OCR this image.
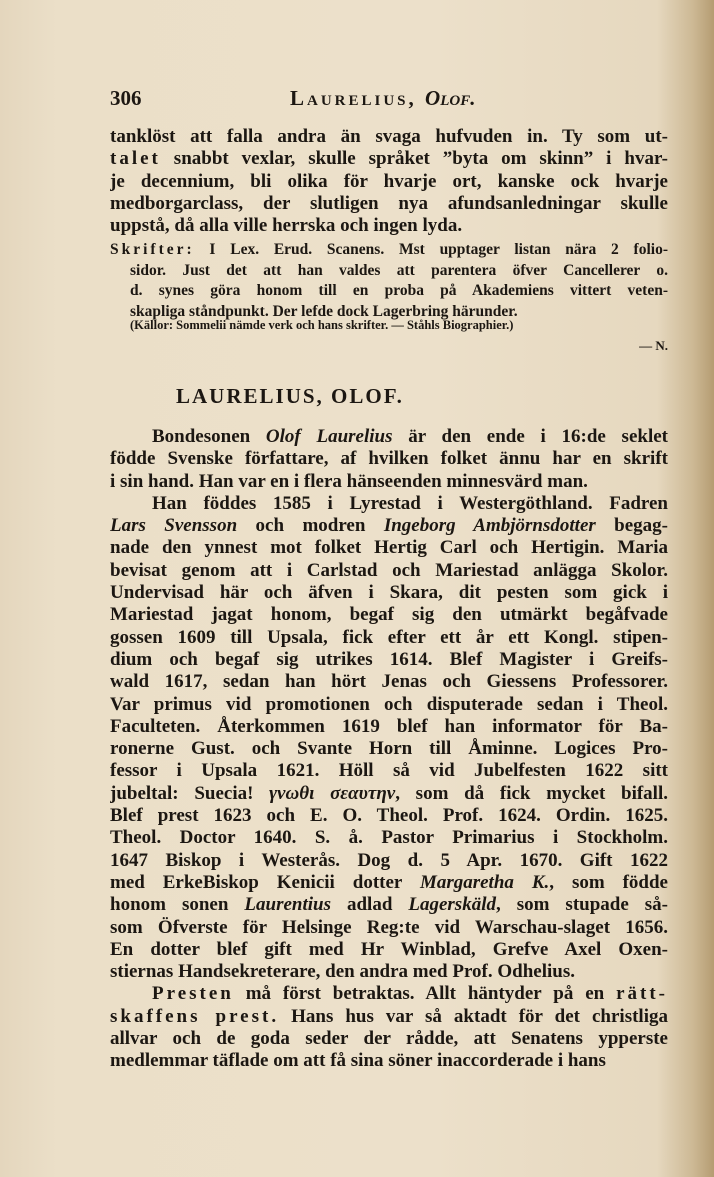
306	Laurelius, Olof.
tanklöst att falla andra än svaga hufvuden in. Ty som ut-
talet snabbt vexlar, skulle språket ”byta om skinn” i hvar-
je decennium, bli olika för hvarje ort, kanske ock hvarje
medborgarclass, der slutligen nya afundsanledningar skulle
uppstå, då alla ville herrska och ingen lyda.
Skrifter: I Lex. Erud. Scanens. Mst upptager listan nära 2 folio-
sidor. Just det att han valdes att parentera öfver Cancellerer o.
d. synes göra honom till en proba på Akademiens vittert veten-
skapliga ståndpunkt. Der lefde dock Lagerbring härunder.
(Källor: Sommelii nämde verk och hans skrifter. — Ståhls Biographier.)
— N.
LAURELIUS, OLOF.
Bondesonen Olof Laurelius är den ende i 16:de seklet
födde Svenske författare, af hvilken folket ännu har en skrift
i sin hand. Han var en i flera hänseenden minnesvärd man.
Han föddes 1585 i Lyrestad i Westergöthland. Fadren
Lars Svensson och modren Ingeborg Ambjörnsdotter begag-
nade den ynnest mot folket Hertig Carl och Hertigin. Maria
bevisat genom att i Carlstad och Mariestad anlägga Skolor.
Undervisad här och äfven i Skara, dit pesten som gick i
Mariestad jagat honom, begaf sig den utmärkt begåfvade
gossen 1609 till Upsala, fick efter ett år ett Kongl. stipen-
dium och begaf sig utrikes 1614. Blef Magister i Greifs-
wald 1617, sedan han hört Jenas och Giessens Professorer.
Var primus vid promotionen och disputerade sedan i Theol.
Faculteten. Återkommen 1619 blef han informator för Ba-
ronerne Gust. och Svante Horn till Åminne. Logices Pro-
fessor i Upsala 1621. Höll så vid Jubelfesten 1622 sitt
jubeltal: Suecia! γνωθι σεαυτην, som då fick mycket bifall.
Blef prest 1623 och E. O. Theol. Prof. 1624. Ordin. 1625.
Theol. Doctor 1640. S. å. Pastor Primarius i Stockholm.
1647 Biskop i Westerås. Dog d. 5 Apr. 1670. Gift 1622
med ErkeBiskop Kenicii dotter Margaretha K., som födde
honom sonen Laurentius adlad Lagerskäld, som stupade så-
som Öfverste för Helsinge Reg:te vid Warschau-slaget 1656.
En dotter blef gift med Hr Winblad, Grefve Axel Oxen-
stiernas Handsekreterare, den andra med Prof. Odhelius.
Presten må först betraktas. Allt häntyder på en rätt-
skaffens prest. Hans hus var så aktadt för det christliga
allvar och de goda seder der rådde, att Senatens ypperste
medlemmar täflade om att få sina söner inaccorderade i hans
